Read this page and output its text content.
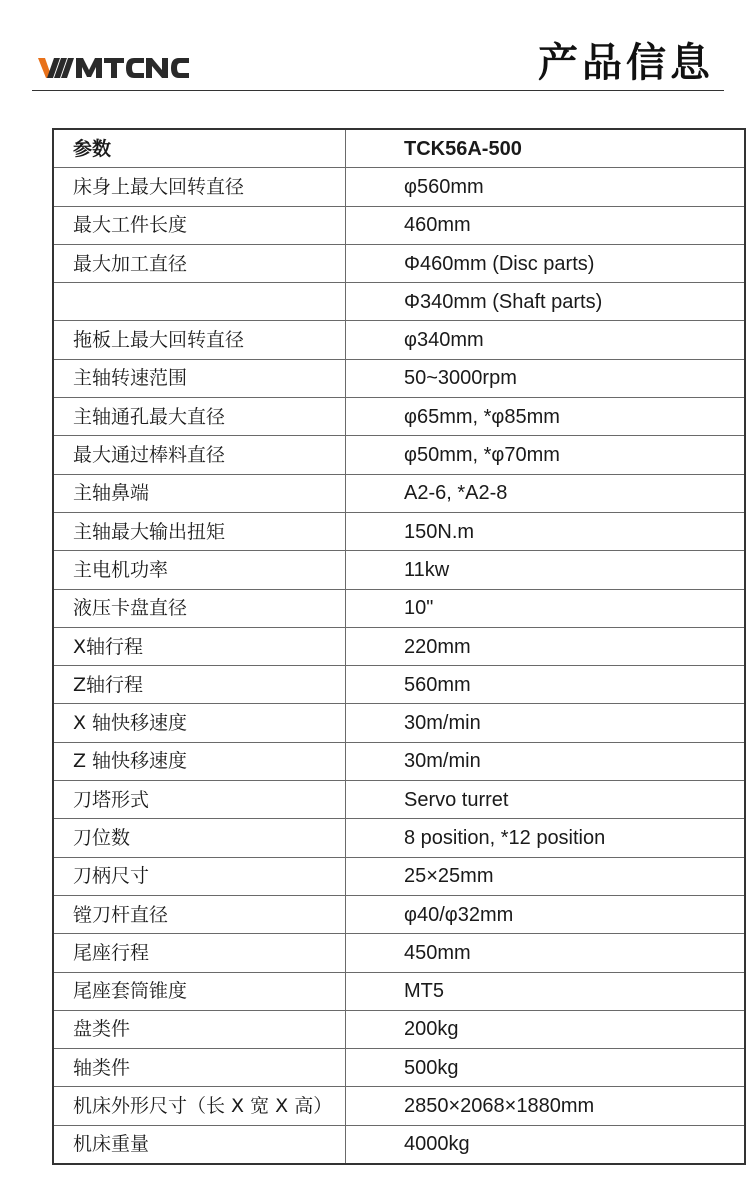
产品信息
参数	TCK56A-500
床身上最大回转直径	φ560mm
最大工件长度	460mm
最大加工直径	Φ460mm (Disc parts)
	Φ340mm (Shaft parts)
拖板上最大回转直径	φ340mm
主轴转速范围	50~3000rpm
主轴通孔最大直径	φ65mm, *φ85mm
最大通过棒料直径	φ50mm, *φ70mm
主轴鼻端	A2-6, *A2-8
主轴最大输出扭矩	150N.m
主电机功率	11kw
液压卡盘直径	10"
X轴行程	220mm
Z轴行程	560mm
X 轴快移速度	30m/min
Z 轴快移速度	30m/min
刀塔形式	Servo turret
刀位数	8 position, *12 position
刀柄尺寸	25×25mm
镗刀杆直径	φ40/φ32mm
尾座行程	450mm
尾座套筒锥度	MT5
盘类件	200kg
轴类件	500kg
机床外形尺寸（长 X 宽 X 高）	2850×2068×1880mm
机床重量	4000kg
